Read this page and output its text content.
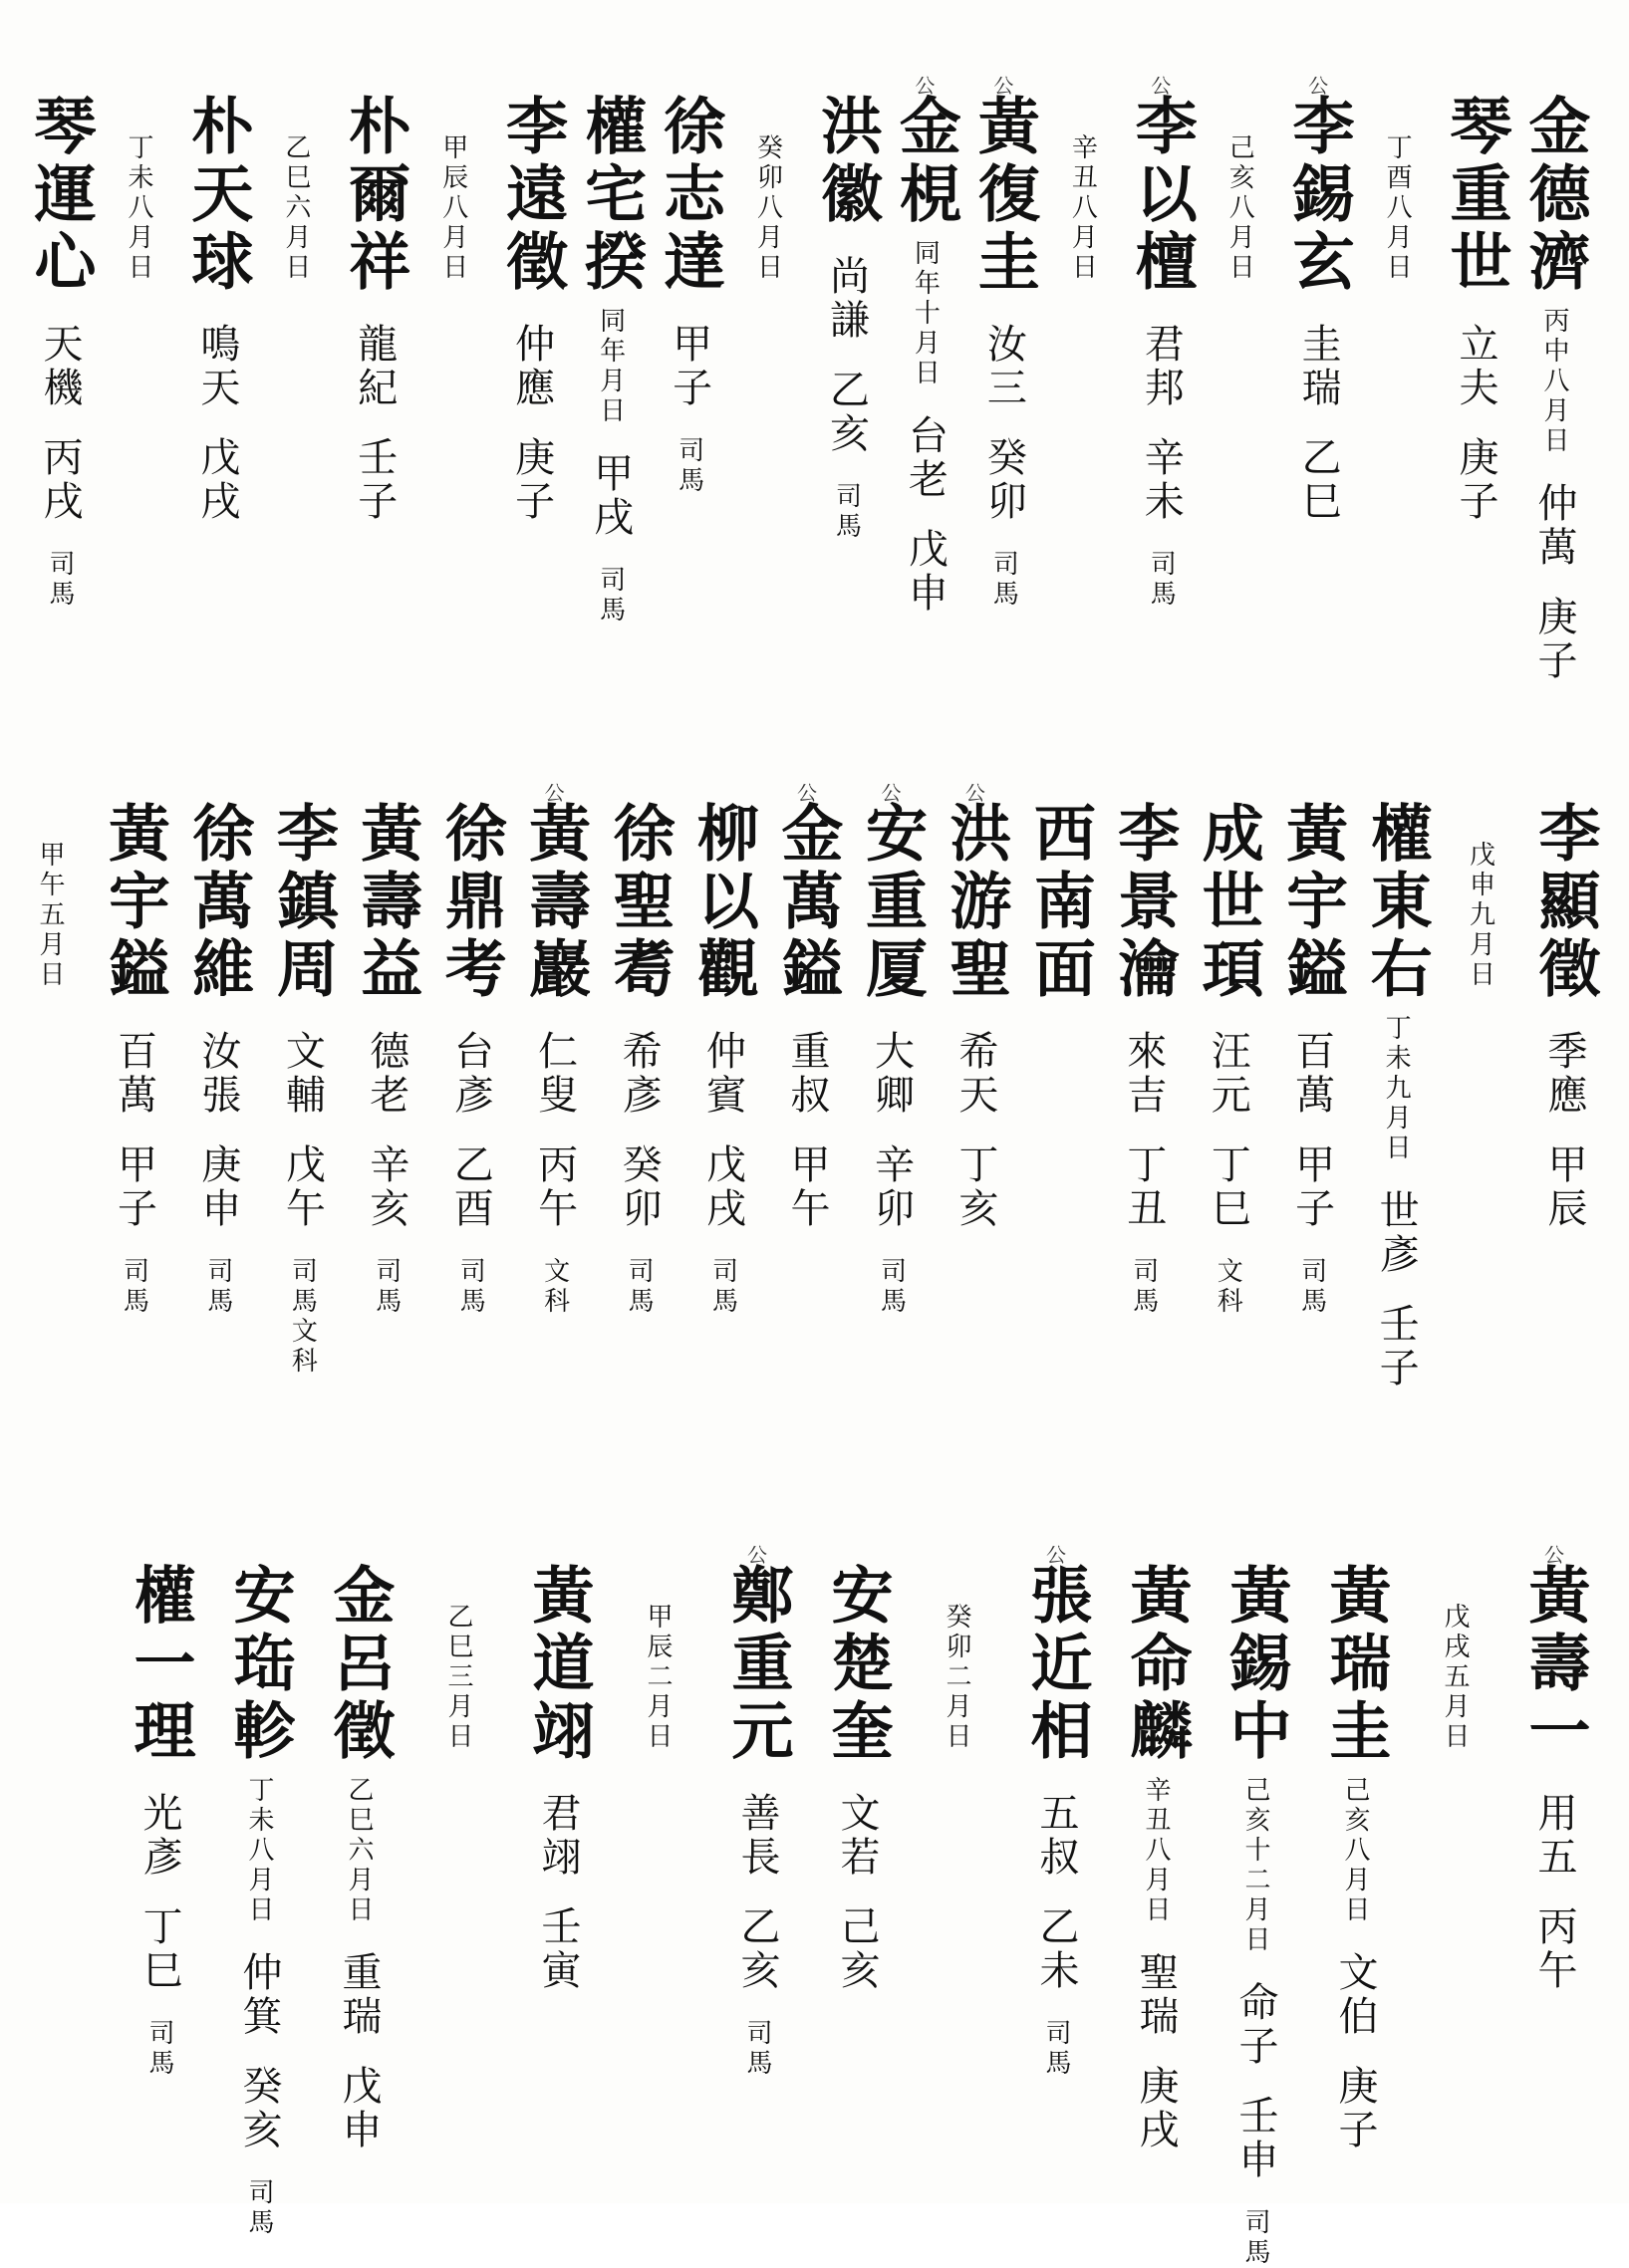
金德濟
丙中八月日
仲萬
庚子
琴重世
立夫
庚子
丁酉八月日
公
李錫玄
圭瑞
乙巳
己亥八月日
公
李以檀
君邦
辛未
司馬
辛丑八月日
公
黃復圭
汝三
癸卯
司馬
公
金梘
同年十月日
台老
戊申
洪徽
尚謙
乙亥
司馬
癸卯八月日
徐志達
甲子
司馬
權宅揆
同年月日
甲戌
司馬
李遠徵
仲應
庚子
甲辰八月日
朴爾祥
龍紀
壬子
乙巳六月日
朴天球
鳴天
戊戌
丁未八月日
琴運心
天機
丙戌
司馬
李顯徵
季應
甲辰
戊申九月日
權東右
丁未九月日
世彥
壬子
黃宇鎰
百萬
甲子
司馬
成世頊
汪元
丁巳
文科
李景瀹
來吉
丁丑
司馬
西南面
公
洪游聖
希天
丁亥
公
安重厦
大卿
辛卯
司馬
公
金萬鎰
重叔
甲午
柳以觀
仲賓
戊戌
司馬
徐聖耈
希彥
癸卯
司馬
公
黃壽巖
仁叟
丙午
文科
徐鼎考
台彥
乙酉
司馬
黃壽益
德老
辛亥
司馬
李鎮周
文輔
戊午
司馬文科
徐萬維
汝張
庚申
司馬
黃宇鎰
百萬
甲子
司馬
甲午五月日
公
黃壽一
用五
丙午
戊戌五月日
黃瑞圭
己亥八月日
文伯
庚子
黃錫中
己亥十二月日
命子
壬申
司馬
黃命麟
辛丑八月日
聖瑞
庚戌
公
張近相
五叔
乙未
司馬
癸卯二月日
安楚奎
文若
己亥
公
鄭重元
善長
乙亥
司馬
甲辰二月日
黃道翊
君翊
壬寅
乙巳三月日
金呂徵
乙巳六月日
重瑞
戊申
安珤軫
丁未八月日
仲箕
癸亥
司馬
權一理
光彥
丁巳
司馬
